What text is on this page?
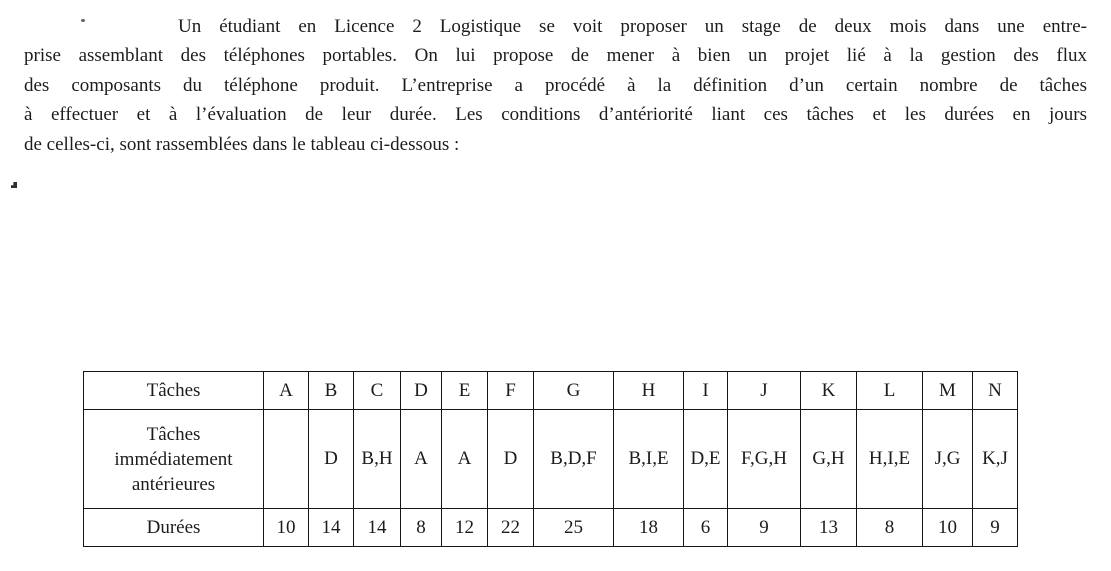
Un étudiant en Licence 2 Logistique se voit proposer un stage de deux mois dans une entre-
prise assemblant des téléphones portables. On lui propose de mener à bien un projet lié à la gestion des flux
des composants du téléphone produit. L’entreprise a procédé à la définition d’un certain nombre de tâches
à effectuer et à l’évaluation de leur durée. Les conditions d’antériorité liant ces tâches et les durées en jours
de celles-ci, sont rassemblées dans le tableau ci-dessous :
Tâches	A	B	C	D	E	F	G	H	I	J	K	L	M	N
Tâches immédiatement antérieures		D	B,H	A	A	D	B,D,F	B,I,E	D,E	F,G,H	G,H	H,I,E	J,G	K,J
Durées	10	14	14	8	12	22	25	18	6	9	13	8	10	9
